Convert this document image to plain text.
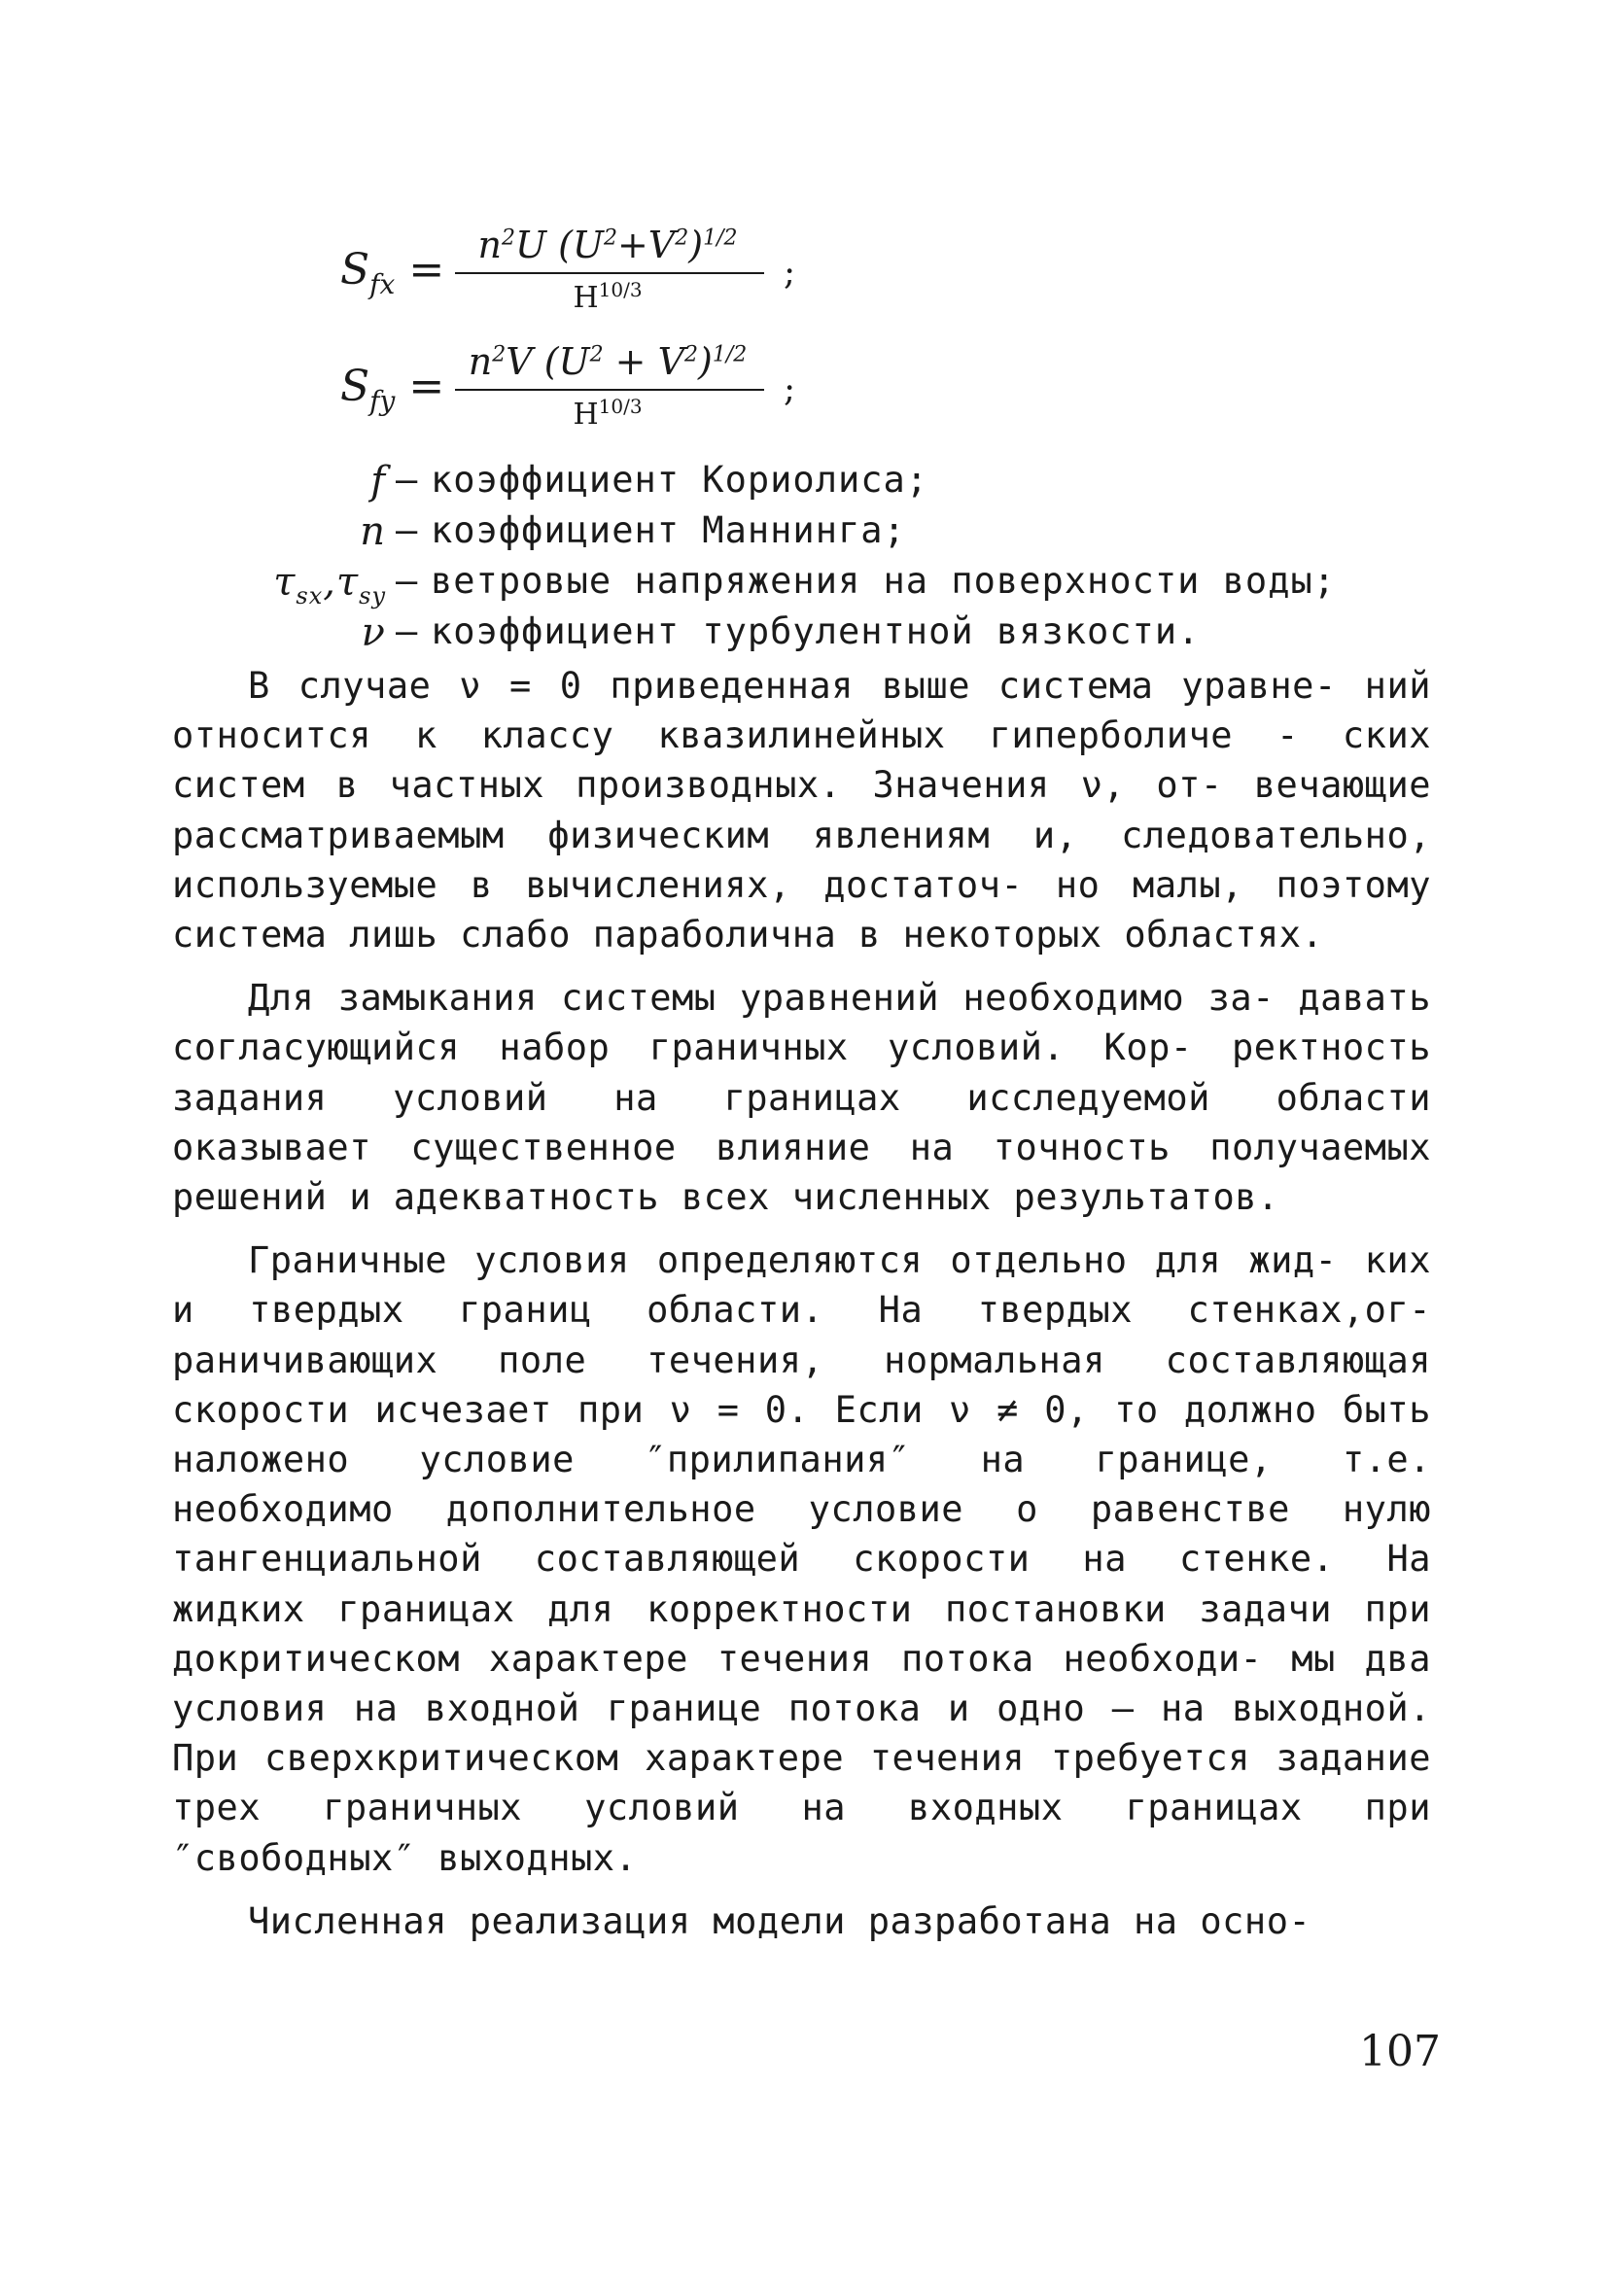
$S_{fx} = n^2U$ $(U^2+V^2)^{1/2}$
$H^{10/3}$	;
$S_{fy} = n^2V$ $(U^2 + V^2)^{1/2}$
$H^{10/3}$	;
f – коэффициент Кориолиса;
n – коэффициент Маннинга;
$\tau_{sx},\tau_{sy}$ – ветровые напряжения на поверхности воды;
ν – коэффициент турбулентной вязкости.

В случае ν = 0 приведенная выше система уравне- ний относится к классу квазилинейных гиперболиче - ских систем в частных производных. Значения ν, от- вечающие рассматриваемым физическим явлениям и, следовательно, используемые в вычислениях, достаточ- но малы, поэтому система лишь слабо параболична в некоторых областях.

Для замыкания системы уравнений необходимо за- давать согласующийся набор граничных условий. Кор- ректность задания условий на границах исследуемой области оказывает существенное влияние на точность получаемых решений и адекватность всех численных результатов.

Граничные условия определяются отдельно для жид- ких и твердых границ области. На твердых стенках,ог- раничивающих поле течения, нормальная составляющая скорости исчезает при ν = 0. Если ν ≠ 0, то должно быть наложено условие ″прилипания″ на границе, т.е. необходимо дополнительное условие о равенстве нулю тангенциальной составляющей скорости на стенке. На жидких границах для корректности постановки задачи при докритическом характере течения потока необходи- мы два условия на входной границе потока и одно – на выходной. При сверхкритическом характере течения требуется задание трех граничных условий на входных границах при ″свободных″ выходных.

Численная реализация модели разработана на осно-

107
